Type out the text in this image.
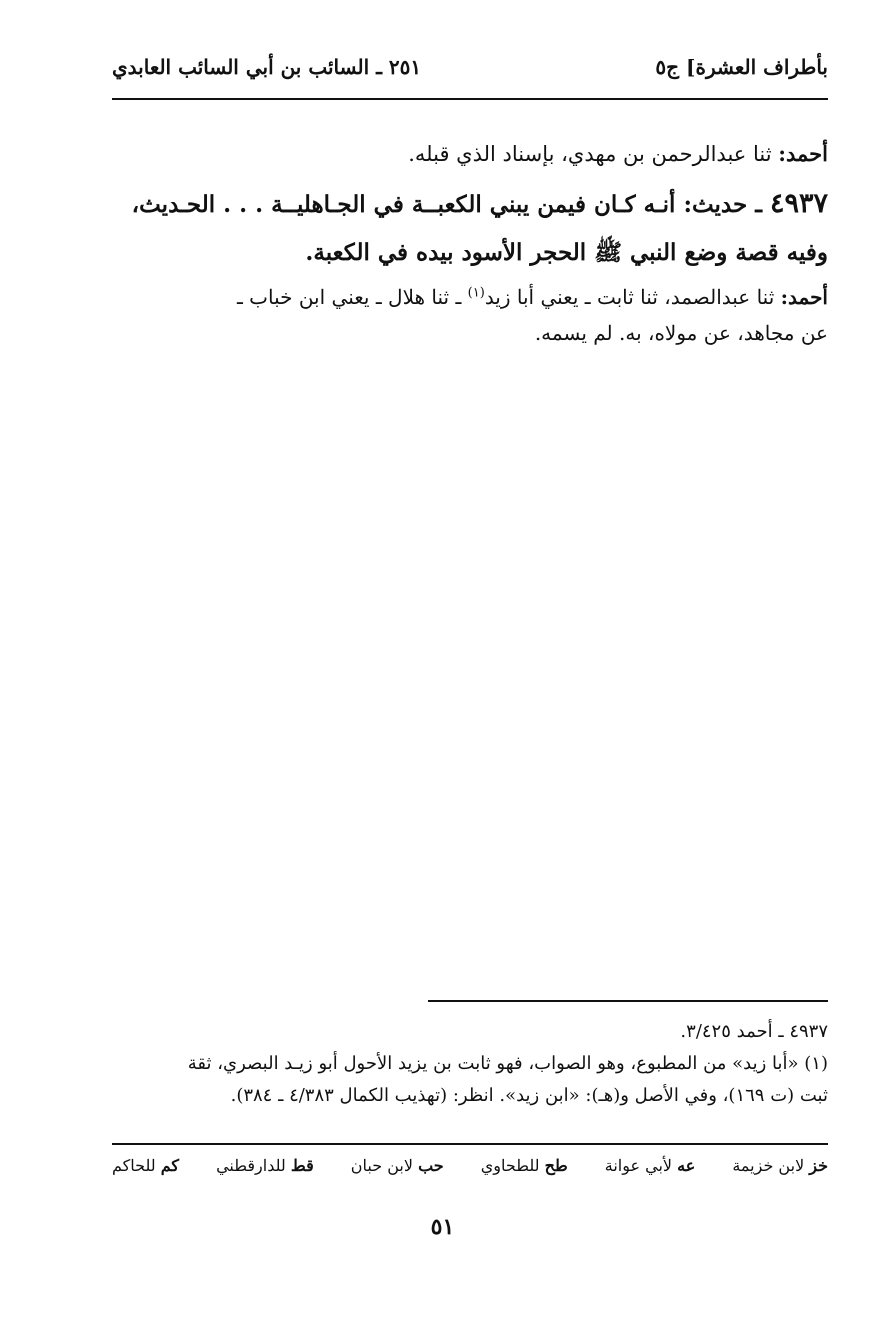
بأطراف العشرة] ج٥
٢٥١ ـ السائب بن أبي السائب العابدي
أحمد: ثنا عبدالرحمن بن مهدي، بإسناد الذي قبله.
٤٩٣٧ ـ حديث: أنـه كـان فيمن يبني الكعبــة في الجـاهليــة . . . الحـديث،
وفيه قصة وضع النبي ﷺ الحجر الأسود بيده في الكعبة.
أحمد: ثنا عبدالصمد، ثنا ثابت ـ يعني أبا زيد$^{(١)}$ ـ ثنا هلال ـ يعني ابن خباب ـ
عن مجاهد، عن مولاه، به. لم يسمه.
٤٩٣٧ ـ أحمد ٣/٤٢٥.
(١) «أبا زيد» من المطبوع، وهو الصواب، فهو ثابت بن يزيد الأحول أبو زيـد البصري، ثقة
ثبت (ت ١٦٩)، وفي الأصل و(هـ): «ابن زيد». انظر: (تهذيب الكمال ٤/٣٨٣ ـ ٣٨٤).
خز لابن خزيمة
عه لأبي عوانة
طح للطحاوي
حب لابن حبان
قط للدارقطني
كم للحاكم
٥١
